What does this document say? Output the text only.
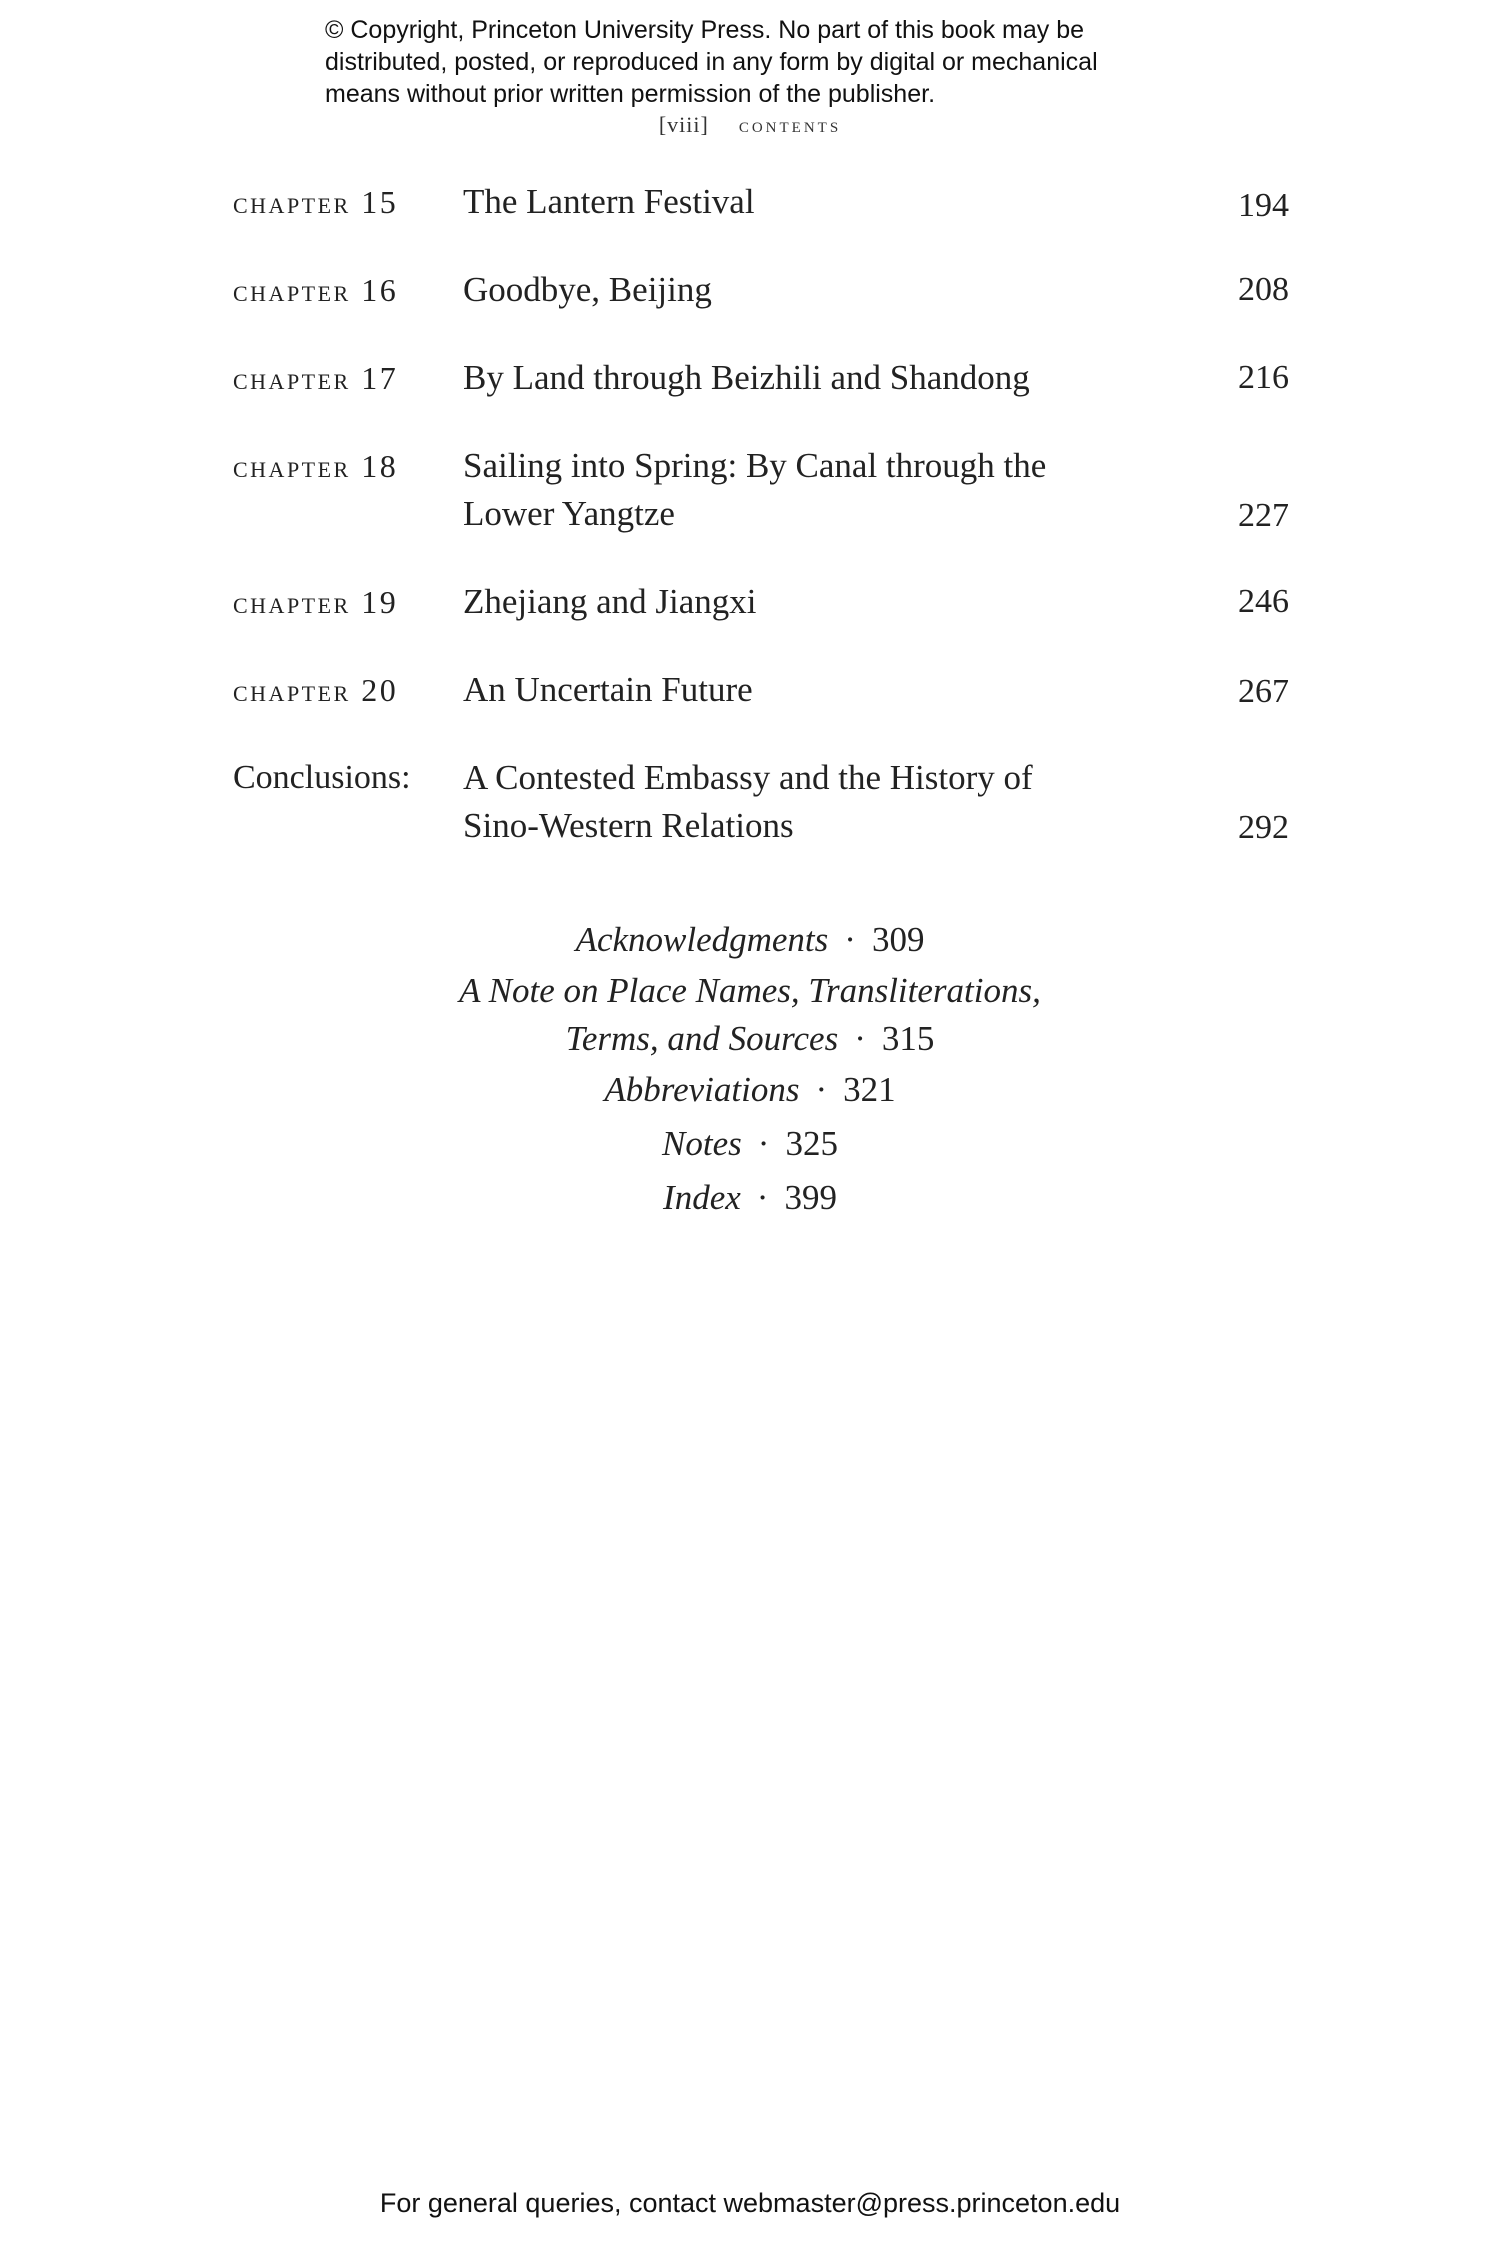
© Copyright, Princeton University Press. No part of this book may be
distributed, posted, or reproduced in any form by digital or mechanical
means without prior written permission of the publisher.
[viii] contents
chapter 15 The Lantern Festival	194
chapter 16 Goodbye, Beijing	208
chapter 17 By Land through Beizhili and Shandong	216
chapter 18 Sailing into Spring: By Canal through the
Lower Yangtze	227
chapter 19 Zhejiang and Jiangxi	246
chapter 20 An Uncertain Future	267
Conclusions: A Contested Embassy and the History of
Sino-Western Relations	292
Acknowledgments · 309
A Note on Place Names, Transliterations,
Terms, and Sources · 315
Abbreviations · 321
Notes · 325
Index · 399
For general queries, contact webmaster@press.princeton.edu
